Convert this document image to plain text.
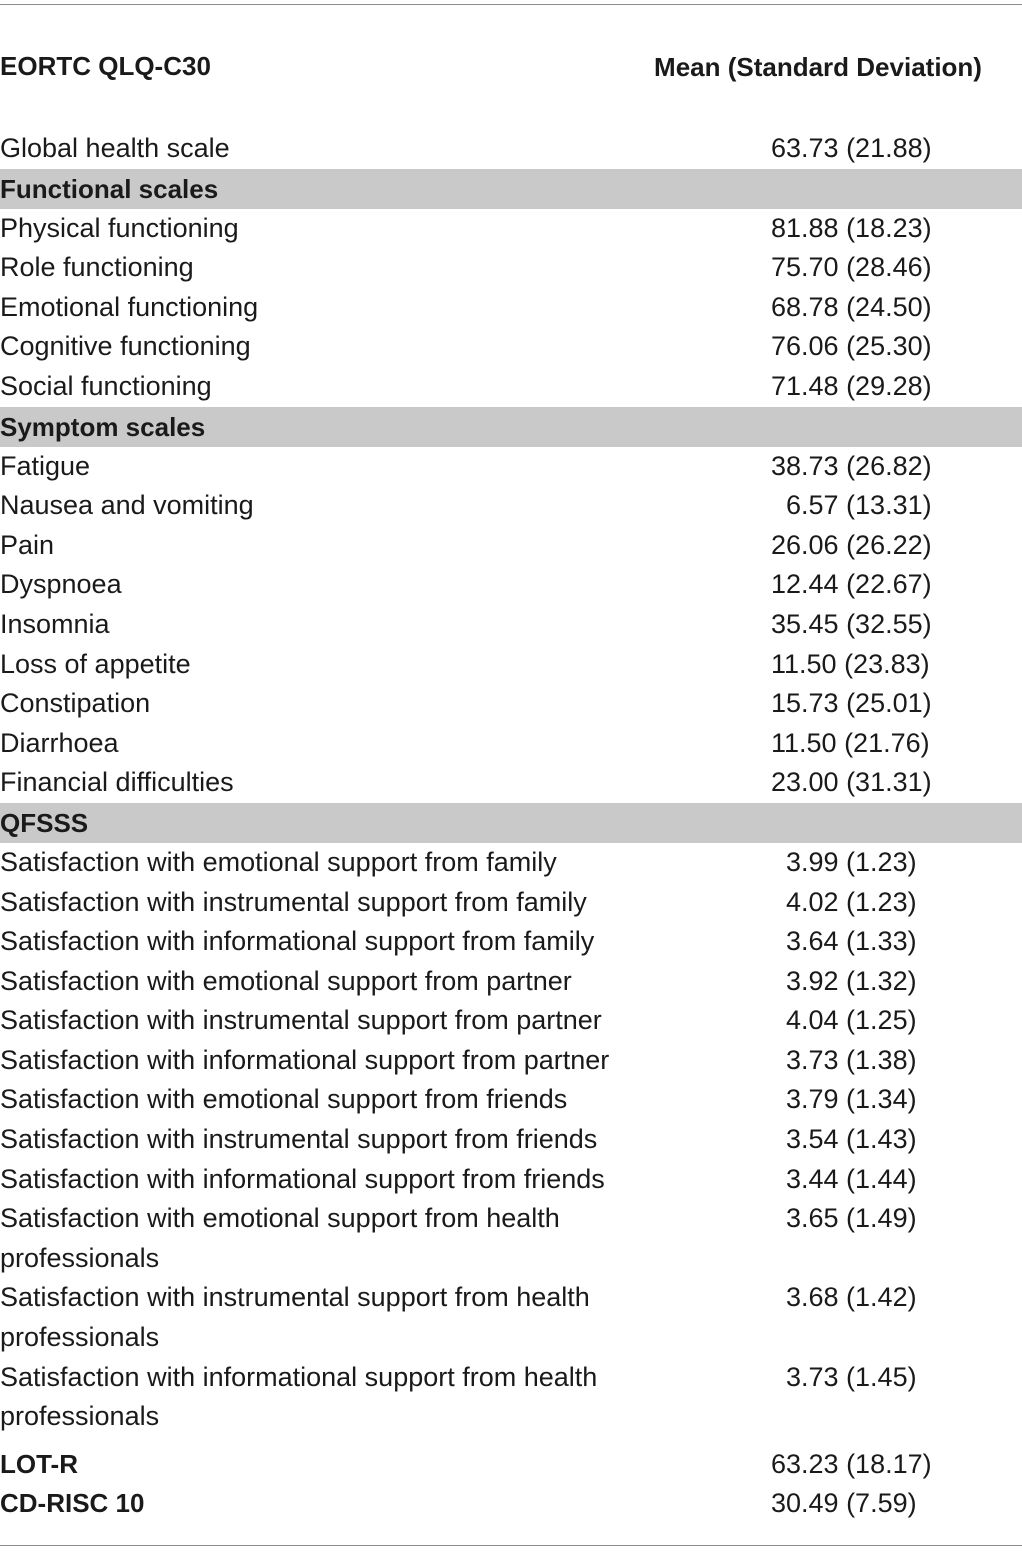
EORTC QLQ-C30	Mean (Standard Deviation)
Global health scale	63.73 (21.88)
Functional scales	
Physical functioning	81.88 (18.23)
Role functioning	75.70 (28.46)
Emotional functioning	68.78 (24.50)
Cognitive functioning	76.06 (25.30)
Social functioning	71.48 (29.28)
Symptom scales	
Fatigue	38.73 (26.82)
Nausea and vomiting	6.57 (13.31)
Pain	26.06 (26.22)
Dyspnoea	12.44 (22.67)
Insomnia	35.45 (32.55)
Loss of appetite	11.50 (23.83)
Constipation	15.73 (25.01)
Diarrhoea	11.50 (21.76)
Financial difficulties	23.00 (31.31)
QFSSS	
Satisfaction with emotional support from family	3.99 (1.23)
Satisfaction with instrumental support from family	4.02 (1.23)
Satisfaction with informational support from family	3.64 (1.33)
Satisfaction with emotional support from partner	3.92 (1.32)
Satisfaction with instrumental support from partner	4.04 (1.25)
Satisfaction with informational support from partner	3.73 (1.38)
Satisfaction with emotional support from friends	3.79 (1.34)
Satisfaction with instrumental support from friends	3.54 (1.43)
Satisfaction with informational support from friends	3.44 (1.44)
Satisfaction with emotional support from health professionals	3.65 (1.49)
Satisfaction with instrumental support from health professionals	3.68 (1.42)
Satisfaction with informational support from health professionals	3.73 (1.45)

LOT-R	63.23 (18.17)
CD-RISC 10	30.49 (7.59)
